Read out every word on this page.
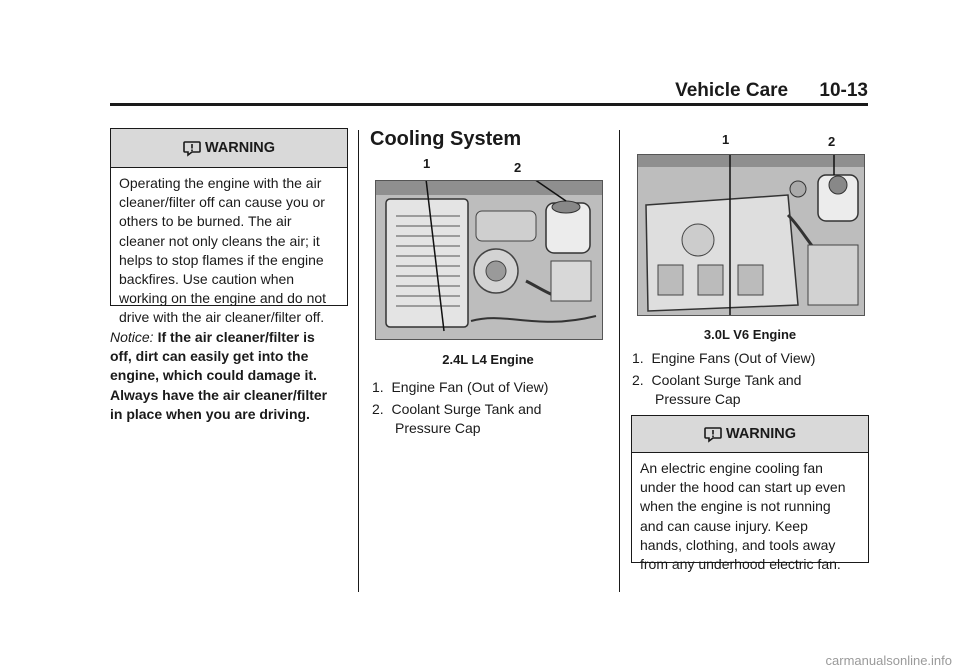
Vehicle Care 10-13
WARNING
Operating the engine with the air
cleaner/filter off can cause you or
others to be burned. The air
cleaner not only cleans the air; it
helps to stop flames if the engine
backfires. Use caution when
working on the engine and do not
drive with the air cleaner/filter off.
Notice: If the air cleaner/filter is
off, dirt can easily get into the
engine, which could damage it.
Always have the air cleaner/filter
in place when you are driving.
Cooling System
1	2
2.4L L4 Engine
1. Engine Fan (Out of View)
2. Coolant Surge Tank and
Pressure Cap
1	2
3.0L V6 Engine
1. Engine Fans (Out of View)
2. Coolant Surge Tank and
Pressure Cap
WARNING
An electric engine cooling fan
under the hood can start up even
when the engine is not running
and can cause injury. Keep
hands, clothing, and tools away
from any underhood electric fan.
carmanualsonline.info
